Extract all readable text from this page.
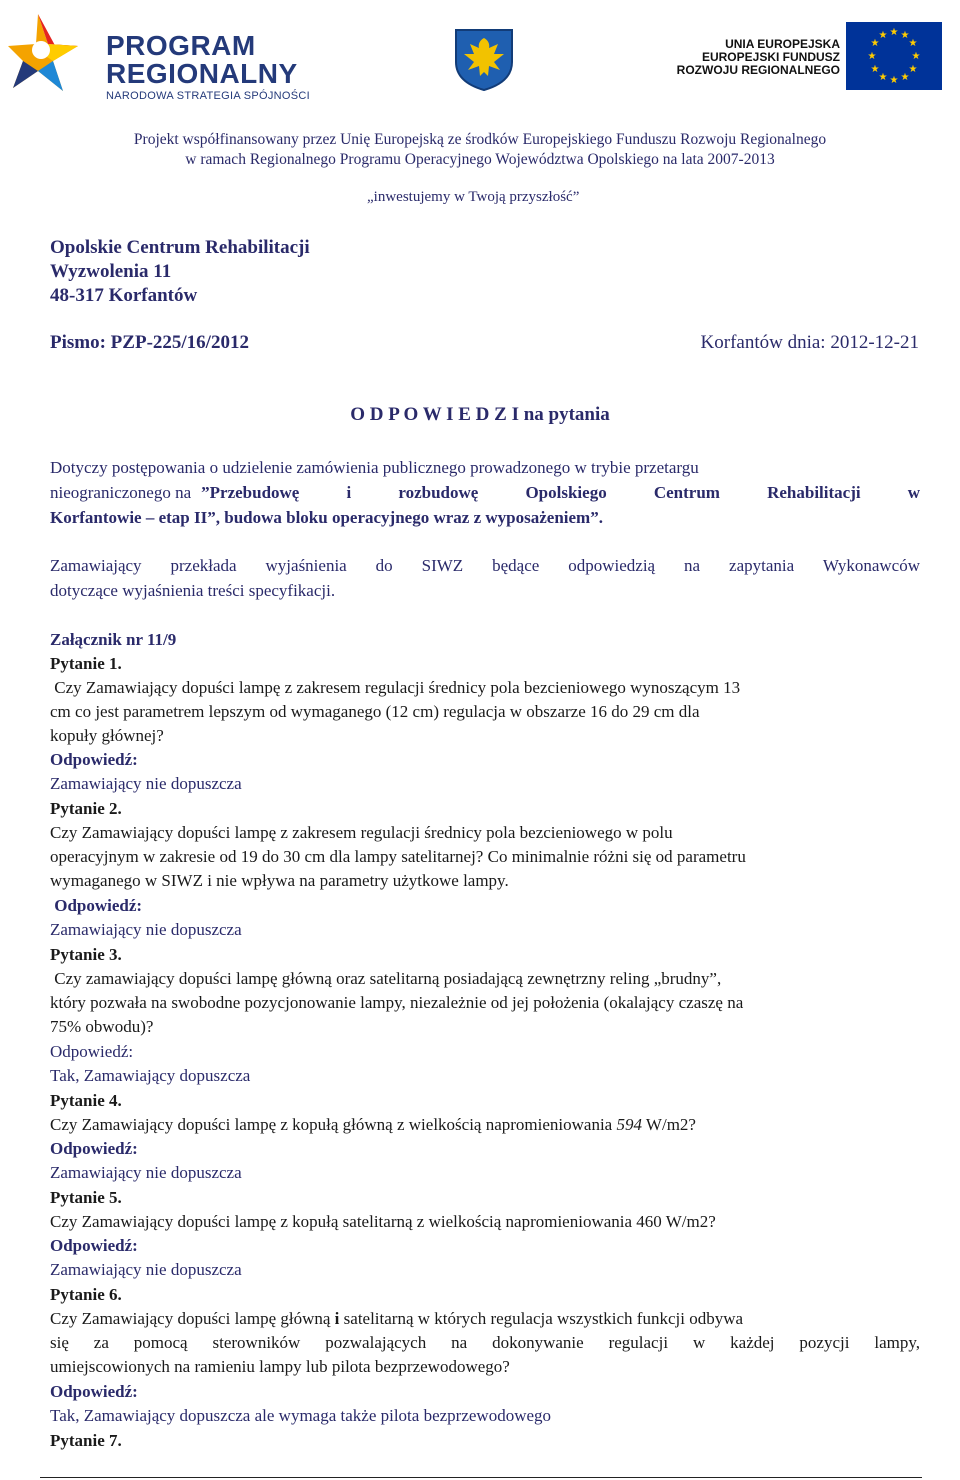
PROGRAM
REGIONALNY
NARODOWA STRATEGIA SPÓJNOŚCI
UNIA EUROPEJSKA
EUROPEJSKI FUNDUSZ
ROZWOJU REGIONALNEGO
★ ★
★
★
★
★
★
★
★
★
★
★

Projekt współfinansowany przez Unię Europejską ze środków Europejskiego Funduszu Rozwoju Regionalnego

w ramach Regionalnego Programu Operacyjnego Województwa Opolskiego na lata 2007-2013

„inwestujemy w Twoją przyszłość”

Opolskie Centrum Rehabilitacji

Wyzwolenia 11

48-317 Korfantów

Pismo: PZP-225/16/2012	Korfantów dnia: 2012-12-21

O D P O W I E D Z I na pytania

Dotyczy postępowania o udzielenie zamówienia publicznego prowadzonego w trybie przetargu
nieograniczonego na ”Przebudowę i rozbudowę Opolskiego Centrum Rehabilitacji w
Korfantowie – etap II”, budowa bloku operacyjnego wraz z wyposażeniem”.
Zamawiający przekłada wyjaśnienia do SIWZ będące odpowiedzią na zapytania Wykonawców
dotyczące wyjaśnienia treści specyfikacji.
Załącznik nr 11/9
Pytanie 1.
Czy Zamawiający dopuści lampę z zakresem regulacji średnicy pola bezcieniowego wynoszącym 13
cm co jest parametrem lepszym od wymaganego (12 cm) regulacja w obszarze 16 do 29 cm dla
kopuły głównej?
Odpowiedź:
Zamawiający nie dopuszcza
Pytanie 2.
Czy Zamawiający dopuści lampę z zakresem regulacji średnicy pola bezcieniowego w polu
operacyjnym w zakresie od 19 do 30 cm dla lampy satelitarnej? Co minimalnie różni się od parametru
wymaganego w SIWZ i nie wpływa na parametry użytkowe lampy.
Odpowiedź:
Zamawiający nie dopuszcza
Pytanie 3.
Czy zamawiający dopuści lampę główną oraz satelitarną posiadającą zewnętrzny reling „brudny”,
który pozwała na swobodne pozycjonowanie lampy, niezależnie od jej położenia (okalający czaszę na
75% obwodu)?
Odpowiedź:
Tak, Zamawiający dopuszcza
Pytanie 4.
Czy Zamawiający dopuści lampę z kopułą główną z wielkością napromieniowania 594 W/m2?
Odpowiedź:
Zamawiający nie dopuszcza
Pytanie 5.
Czy Zamawiający dopuści lampę z kopułą satelitarną z wielkością napromieniowania 460 W/m2?
Odpowiedź:
Zamawiający nie dopuszcza
Pytanie 6.
Czy Zamawiający dopuści lampę główną i satelitarną w których regulacja wszystkich funkcji odbywa
się za pomocą sterowników pozwalających na dokonywanie regulacji w każdej pozycji lampy,
umiejscowionych na ramieniu lampy lub pilota bezprzewodowego?
Odpowiedź:
Tak, Zamawiający dopuszcza ale wymaga także pilota bezprzewodowego
Pytanie 7.
